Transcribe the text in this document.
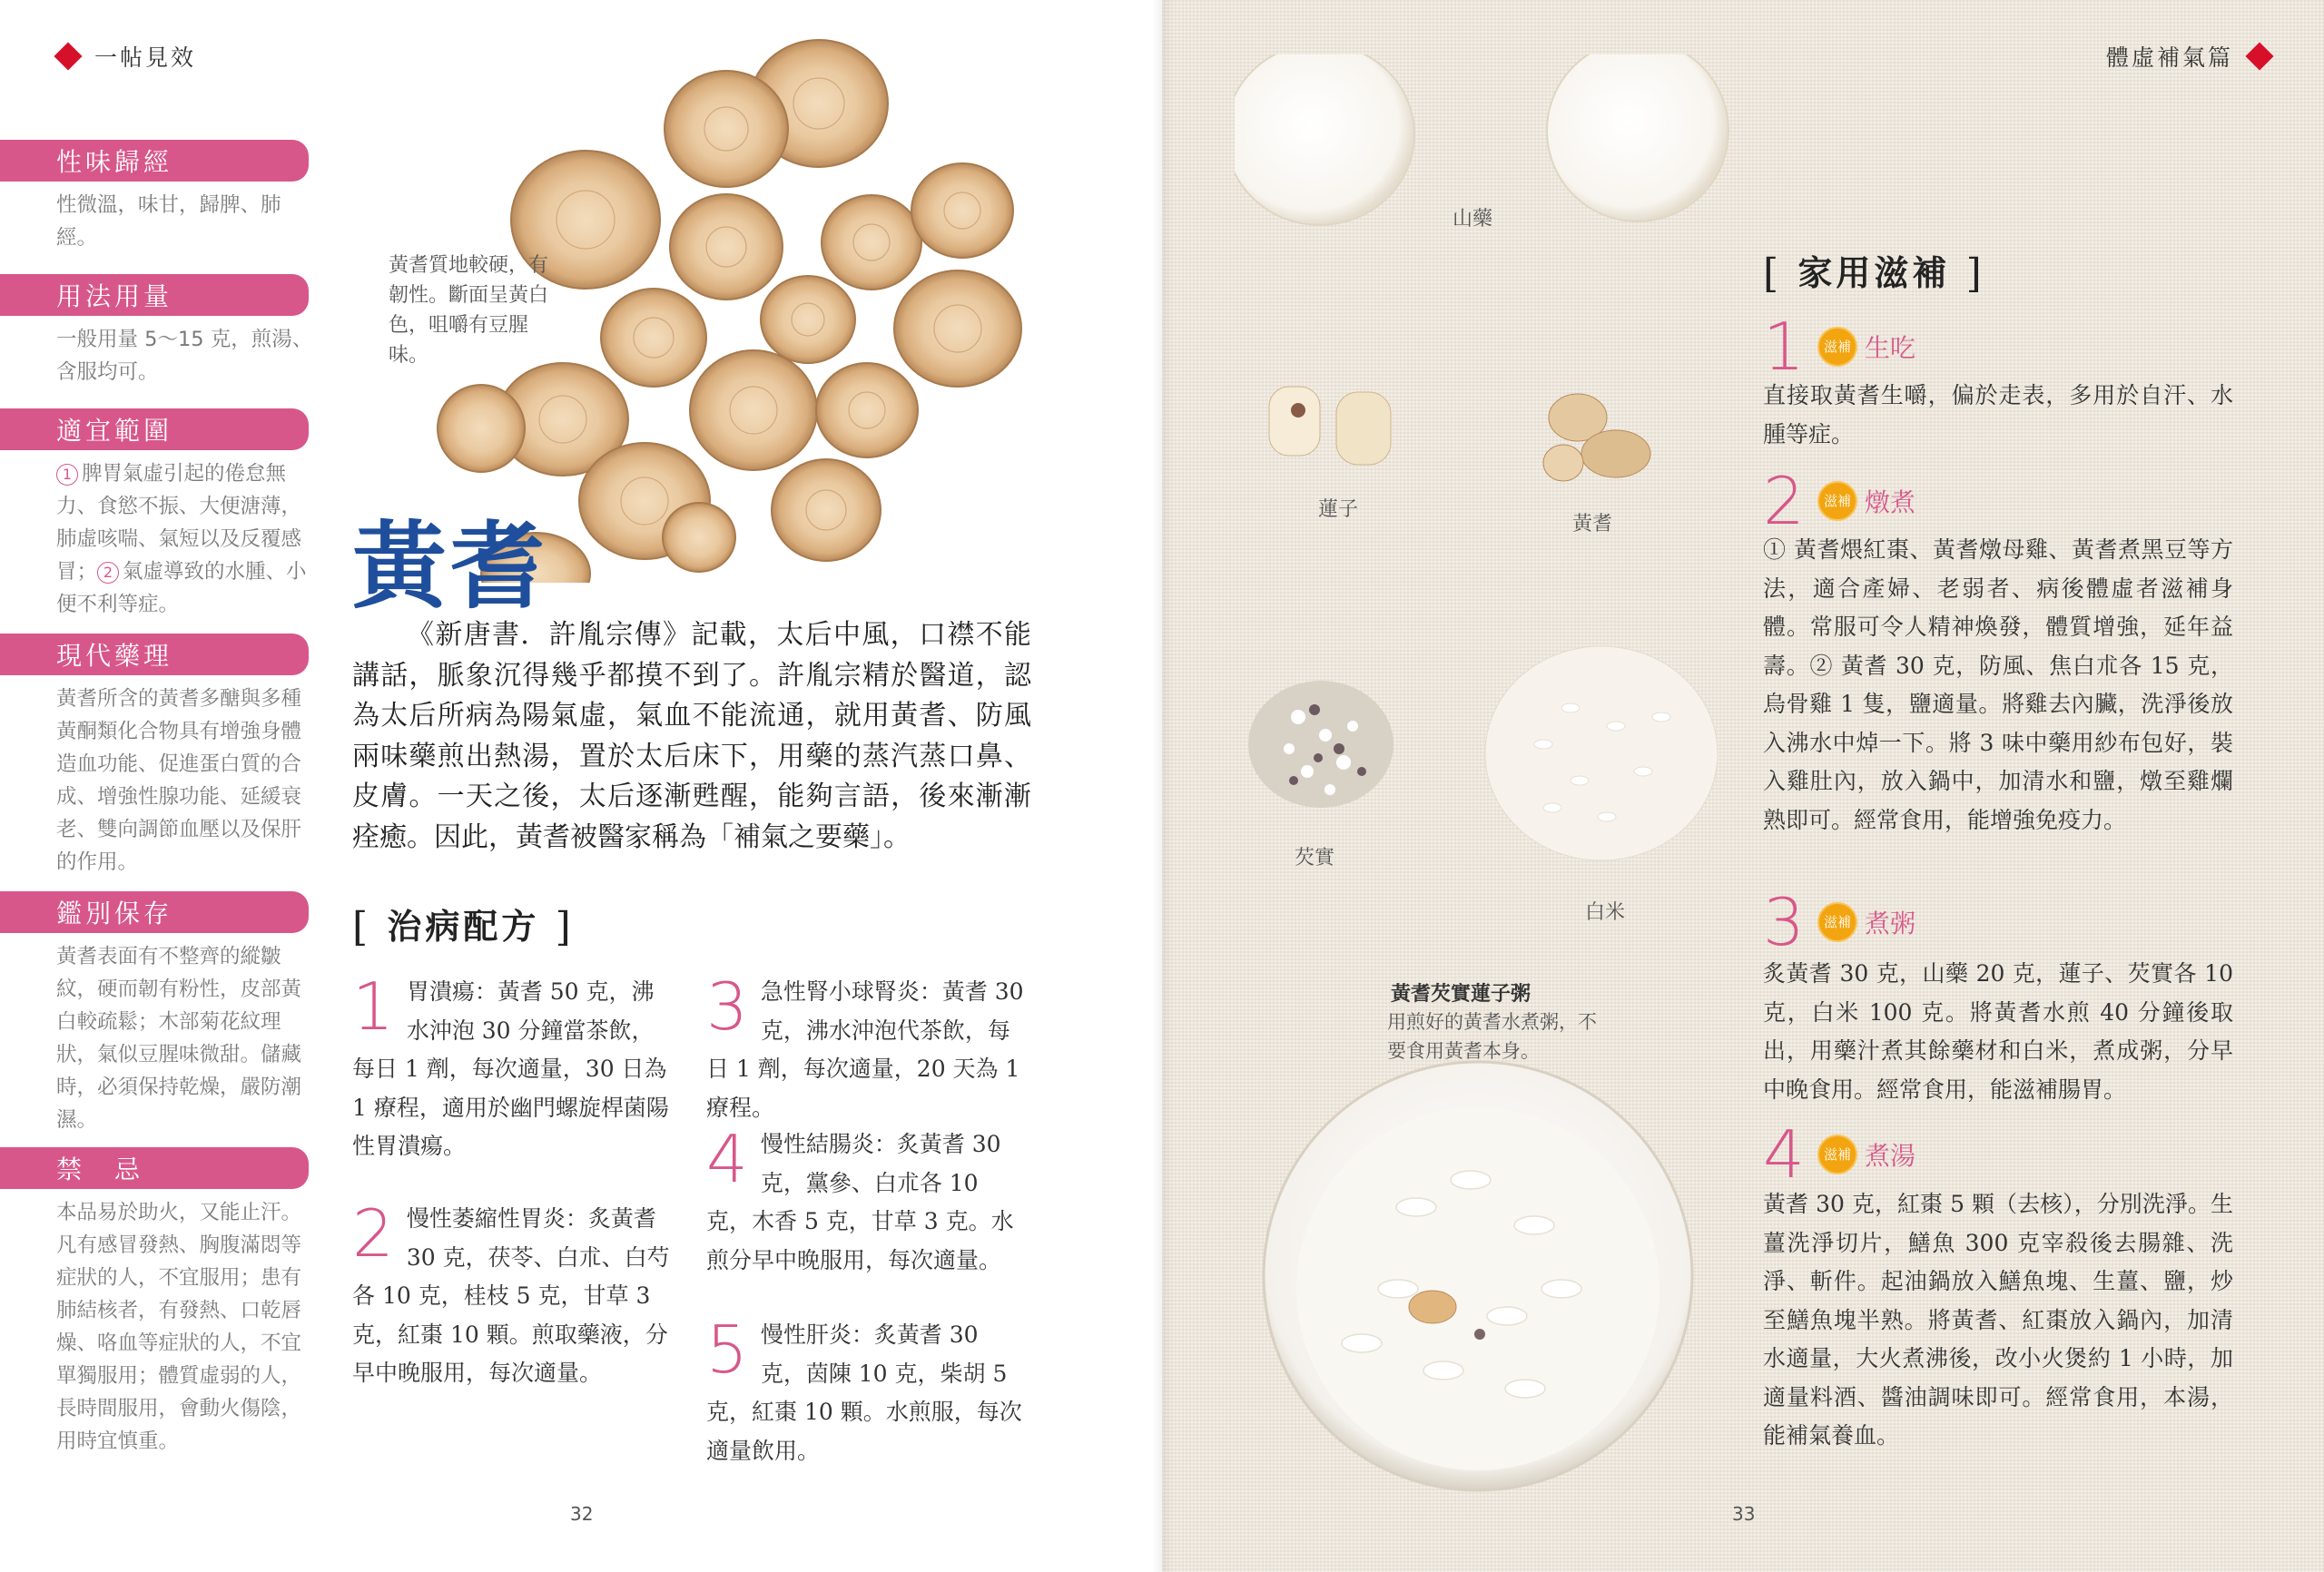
一帖見效
性味歸經
性微溫，味甘，歸脾、肺經。
用法用量
一般用量 5～15 克，煎湯、含服均可。
適宜範圍
1 脾胃氣虛引起的倦怠無力、食慾不振、大便溏薄，肺虛咳喘、氣短以及反覆感冒； 2 氣虛導致的水腫、小便不利等症。
現代藥理
黃耆所含的黃耆多醣與多種黃酮類化合物具有增強身體造血功能、促進蛋白質的合成、增強性腺功能、延緩衰老、雙向調節血壓以及保肝的作用。
鑑別保存
黃耆表面有不整齊的縱皺紋，硬而韌有粉性，皮部黃白較疏鬆；木部菊花紋理狀，氣似豆腥味微甜。儲藏時，必須保持乾燥，嚴防潮濕。
禁　忌
本品易於助火，又能止汗。凡有感冒發熱、胸腹滿悶等症狀的人，不宜服用；患有肺結核者，有發熱、口乾唇燥、咯血等症狀的人，不宜單獨服用；體質虛弱的人，長時間服用，會動火傷陰，用時宜慎重。
黃耆質地較硬，有韌性。斷面呈黃白色，咀嚼有豆腥味。
黃耆
《新唐書．許胤宗傳》記載，太后中風，口襟不能講話，脈象沉得幾乎都摸不到了。許胤宗精於醫道，認為太后所病為陽氣虛，氣血不能流通，就用黃耆、防風兩味藥煎出熱湯，置於太后床下，用藥的蒸汽蒸口鼻、皮膚。一天之後，太后逐漸甦醒，能夠言語，後來漸漸痊癒。因此，黃耆被醫家稱為「補氣之要藥」。
[ 治病配方 ]
1 胃潰瘍：黃耆 50 克，沸水沖泡 30 分鐘當茶飲，每日 1 劑，每次適量，30 日為 1 療程，適用於幽門螺旋桿菌陽性胃潰瘍。
2 慢性萎縮性胃炎：炙黃耆 30 克，茯苓、白朮、白芍各 10 克，桂枝 5 克，甘草 3 克，紅棗 10 顆。煎取藥液，分早中晚服用，每次適量。
3 急性腎小球腎炎：黃耆 30 克，沸水沖泡代茶飲，每日 1 劑，每次適量，20 天為 1 療程。
4 慢性結腸炎：炙黃耆 30 克，黨參、白朮各 10 克，木香 5 克，甘草 3 克。水煎分早中晚服用，每次適量。
5 慢性肝炎：炙黃耆 30 克，茵陳 10 克，柴胡 5 克，紅棗 10 顆。水煎服，每次適量飲用。
32
體虛補氣篇
山藥
蓮子
黃耆
芡實
白米
黃耆芡實蓮子粥
用煎好的黃耆水煮粥，不要食用黃耆本身。
[ 家用滋補 ]
1	滋補 生吃
直接取黃耆生嚼，偏於走表，多用於自汗、水腫等症。
2	滋補 燉煮
① 黃耆煨紅棗、黃耆燉母雞、黃耆煮黑豆等方法，適合產婦、老弱者、病後體虛者滋補身體。常服可令人精神煥發，體質增強，延年益壽。② 黃耆 30 克，防風、焦白朮各 15 克，烏骨雞 1 隻，鹽適量。將雞去內臟，洗淨後放入沸水中焯一下。將 3 味中藥用紗布包好，裝入雞肚內，放入鍋中，加清水和鹽，燉至雞爛熟即可。經常食用，能增強免疫力。
3	滋補 煮粥
炙黃耆 30 克，山藥 20 克，蓮子、芡實各 10 克，白米 100 克。將黃耆水煎 40 分鐘後取出，用藥汁煮其餘藥材和白米，煮成粥，分早中晚食用。經常食用，能滋補腸胃。
4	滋補 煮湯
黃耆 30 克，紅棗 5 顆（去核），分別洗淨。生薑洗淨切片，鱔魚 300 克宰殺後去腸雜、洗淨、斬件。起油鍋放入鱔魚塊、生薑、鹽，炒至鱔魚塊半熟。將黃耆、紅棗放入鍋內，加清水適量，大火煮沸後，改小火煲約 1 小時，加適量料酒、醬油調味即可。經常食用，本湯，能補氣養血。
33
